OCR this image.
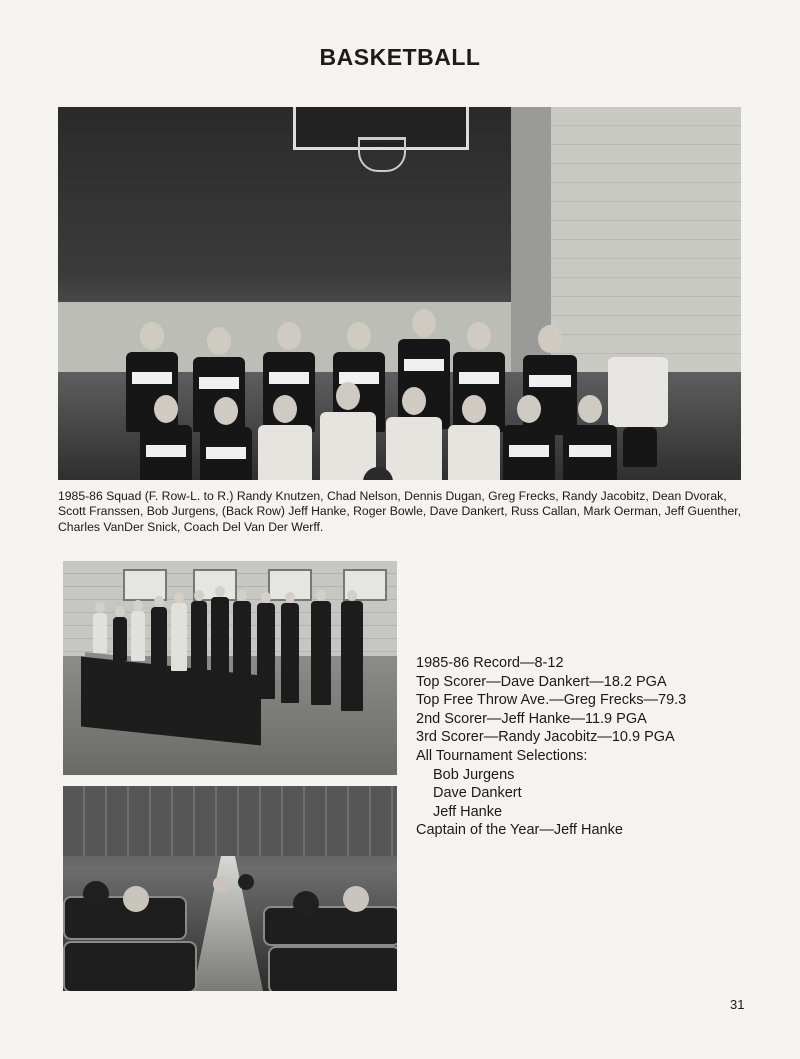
BASKETBALL
1985-86 Squad (F. Row-L. to R.) Randy Knutzen, Chad Nelson, Dennis Dugan, Greg Frecks, Randy Jacobitz, Dean Dvorak, Scott Franssen, Bob Jurgens, (Back Row) Jeff Hanke, Roger Bowle, Dave Dankert, Russ Callan, Mark Oerman, Jeff Guenther, Charles VanDer Snick, Coach Del Van Der Werff.
1985-86 Record—8-12
Top Scorer—Dave Dankert—18.2 PGA
Top Free Throw Ave.—Greg Frecks—79.3
2nd Scorer—Jeff Hanke—11.9 PGA
3rd Scorer—Randy Jacobitz—10.9 PGA
All Tournament Selections:
Bob Jurgens
Dave Dankert
Jeff Hanke
Captain of the Year—Jeff Hanke
31
